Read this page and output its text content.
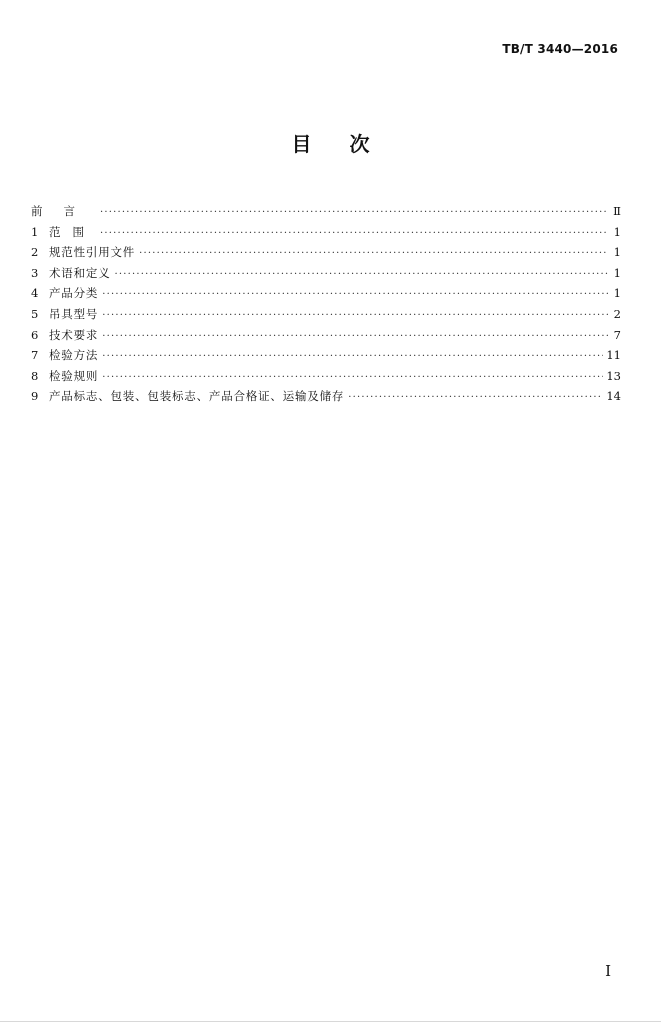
TB/T 3440—2016
目次
前言 ·····	Ⅱ
1 范围 ·····	1
2 规范性引用文件 ·····	1
3 术语和定义 ·····	1
4 产品分类 ·····	1
5 吊具型号 ·····	2
6 技术要求 ·····	7
7 检验方法 ·····	11
8 检验规则 ·····	13
9 产品标志、包装、包装标志、产品合格证、运输及储存 ·····	14
Ⅰ
